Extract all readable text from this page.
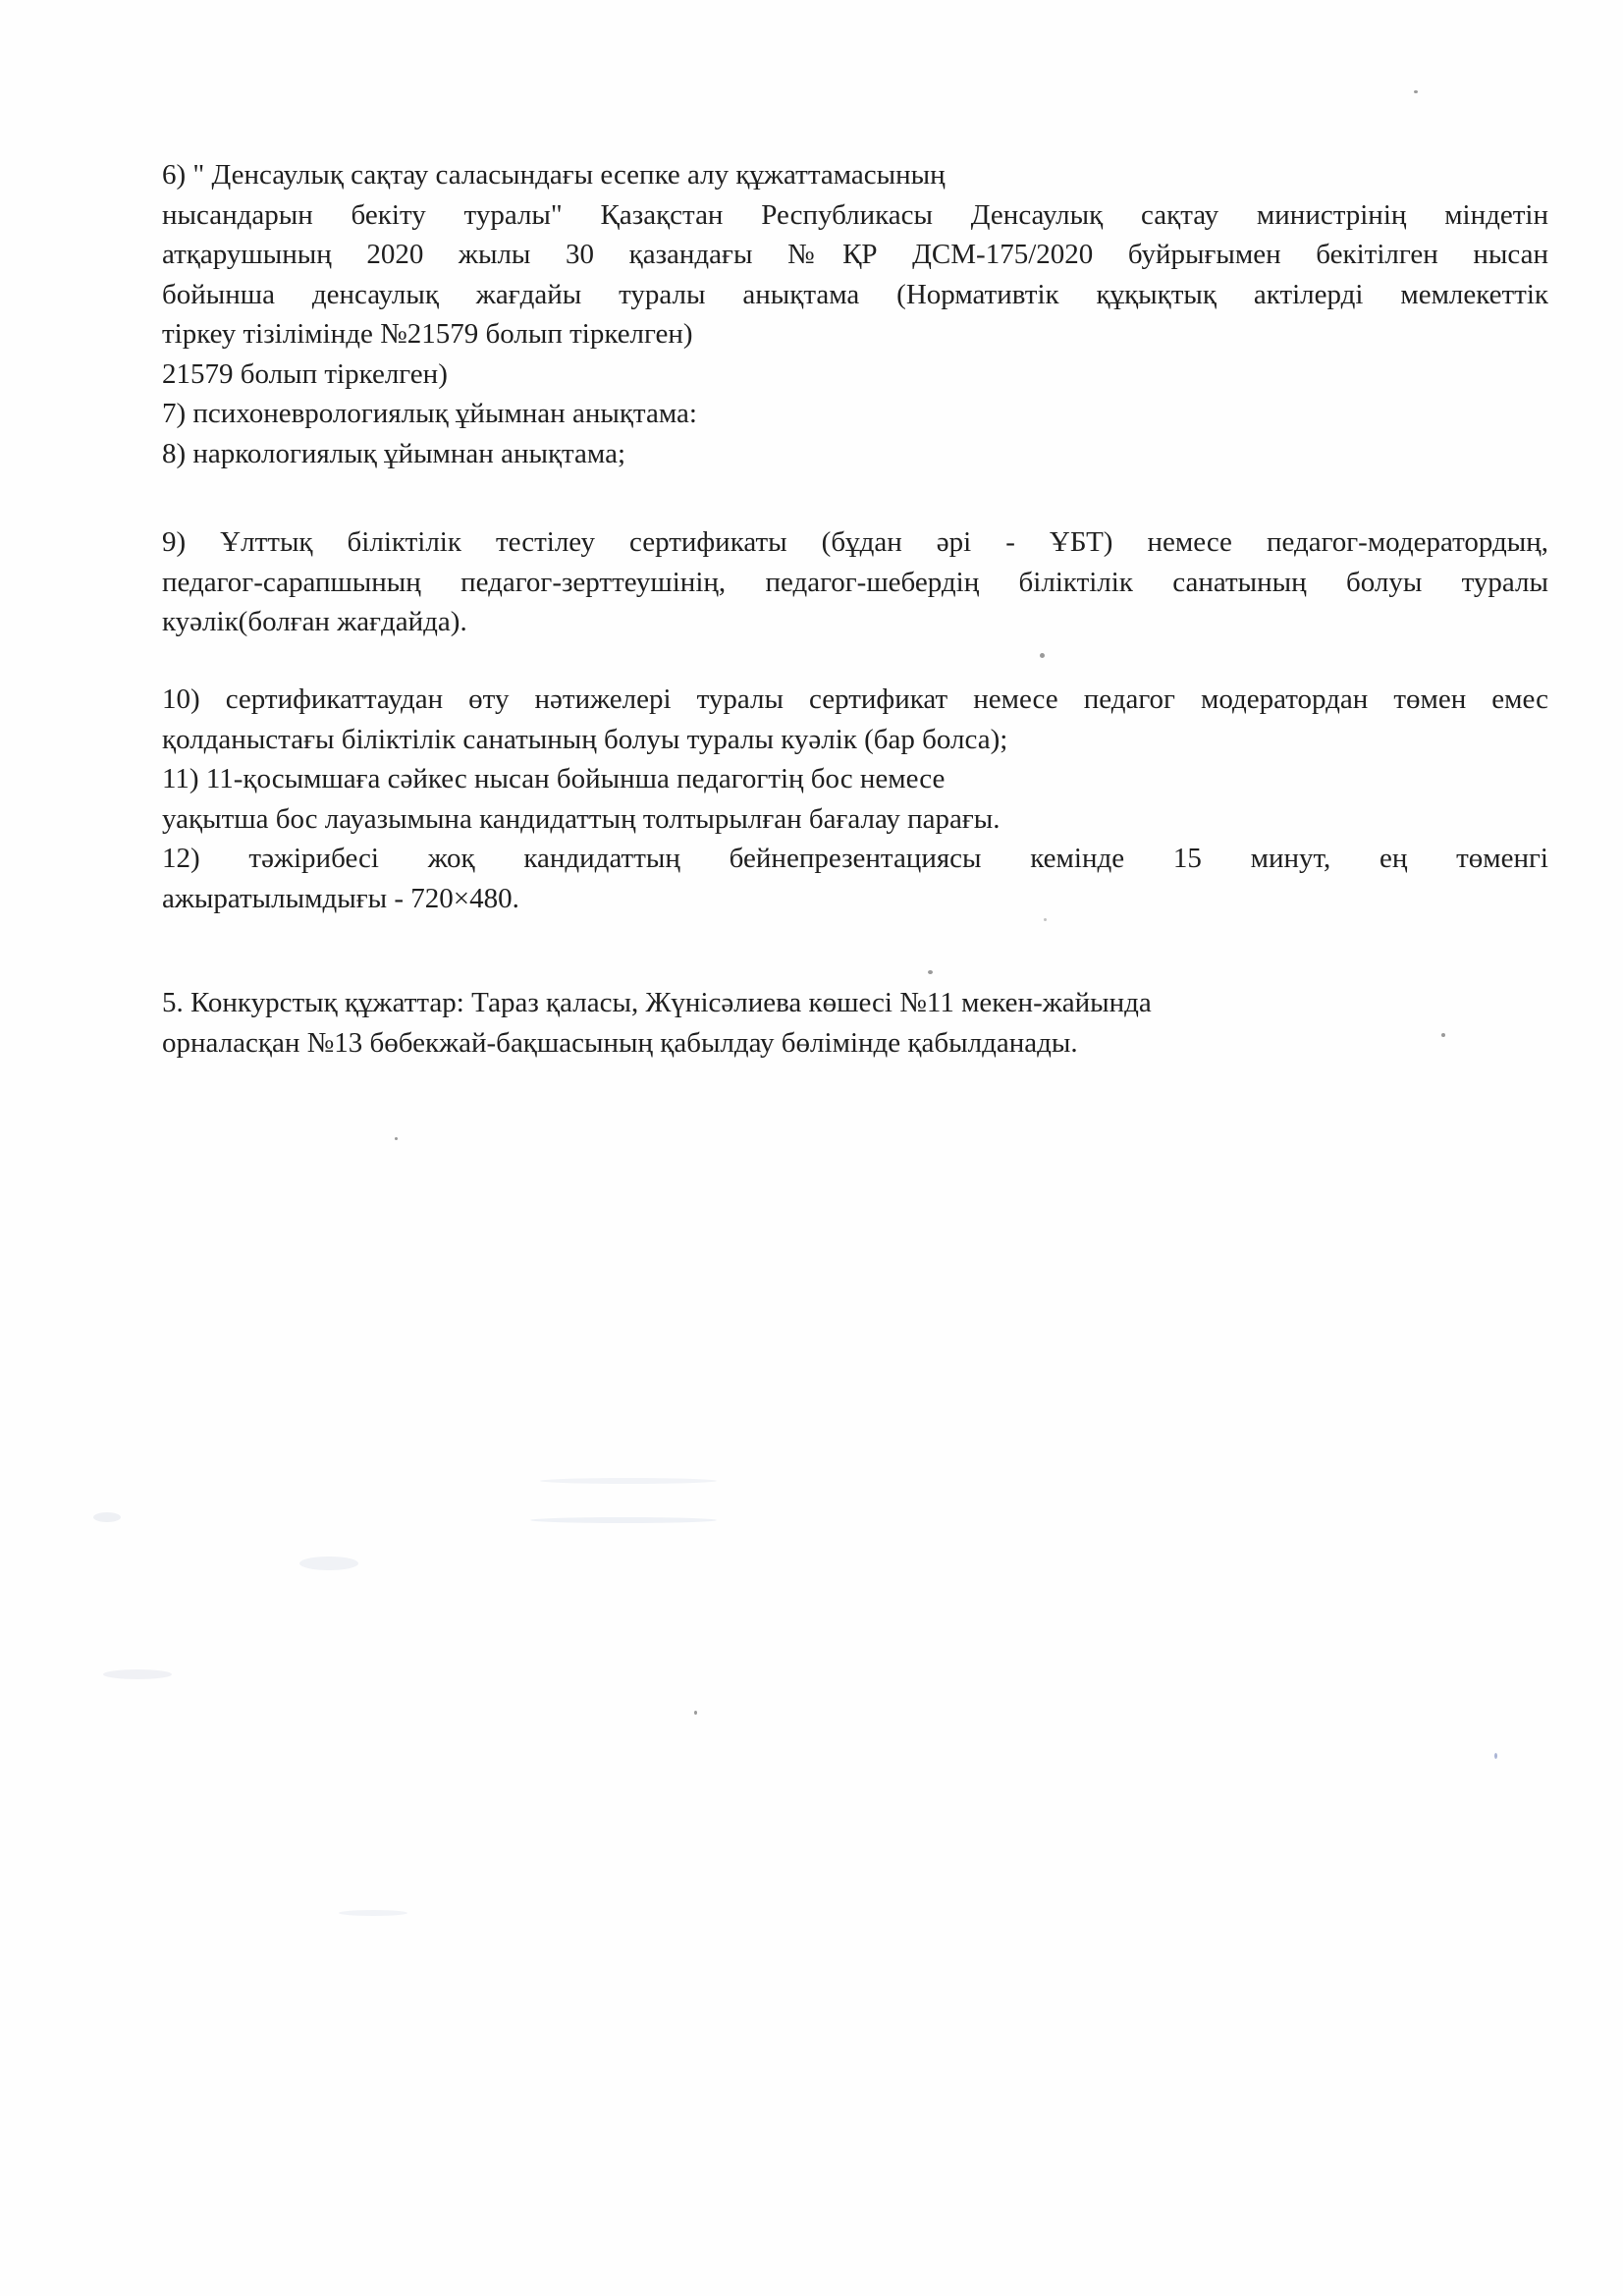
6) " Денсаулық сақтау саласындағы есепке алу құжаттамасының
нысандарын бекіту туралы" Қазақстан Республикасы Денсаулық сақтау министрінің міндетін
атқарушының 2020 жылы 30 қазандағы №ҚР ДСМ-175/2020 буйрығымен бекітілген нысан
бойынша денсаулық жағдайы туралы анықтама (Нормативтік құқықтық актілерді мемлекеттік
тіркеу тізілімінде №21579 болып тіркелген)
21579 болып тіркелген)
7) психоневрологиялық ұйымнан анықтама:
8) наркологиялық ұйымнан анықтама;
9) Ұлттық біліктілік тестілеу сертификаты (бұдан әрі - ҰБТ) немесе педагог-модератордың,
педагог-сарапшының педагог-зерттеушінің, педагог-шебердің біліктілік санатының болуы туралы
куәлік(болған жағдайда).
10) сертификаттаудан өту нәтижелері туралы сертификат немесе педагог модератордан төмен емес
қолданыстағы біліктілік санатының болуы туралы куәлік (бар болса);
11) 11-қосымшаға сәйкес нысан бойынша педагогтің бос немесе
уақытша бос лауазымына кандидаттың толтырылған бағалау парағы.
12) тәжірибесі жоқ кандидаттың бейнепрезентациясы кемінде 15 минут, ең төменгі
ажыратылымдығы - 720×480.
5. Конкурстық құжаттар: Тараз қаласы, Жүнісәлиева көшесі №11 мекен-жайында
орналасқан №13 бөбекжай-бақшасының қабылдау бөлімінде қабылданады.
